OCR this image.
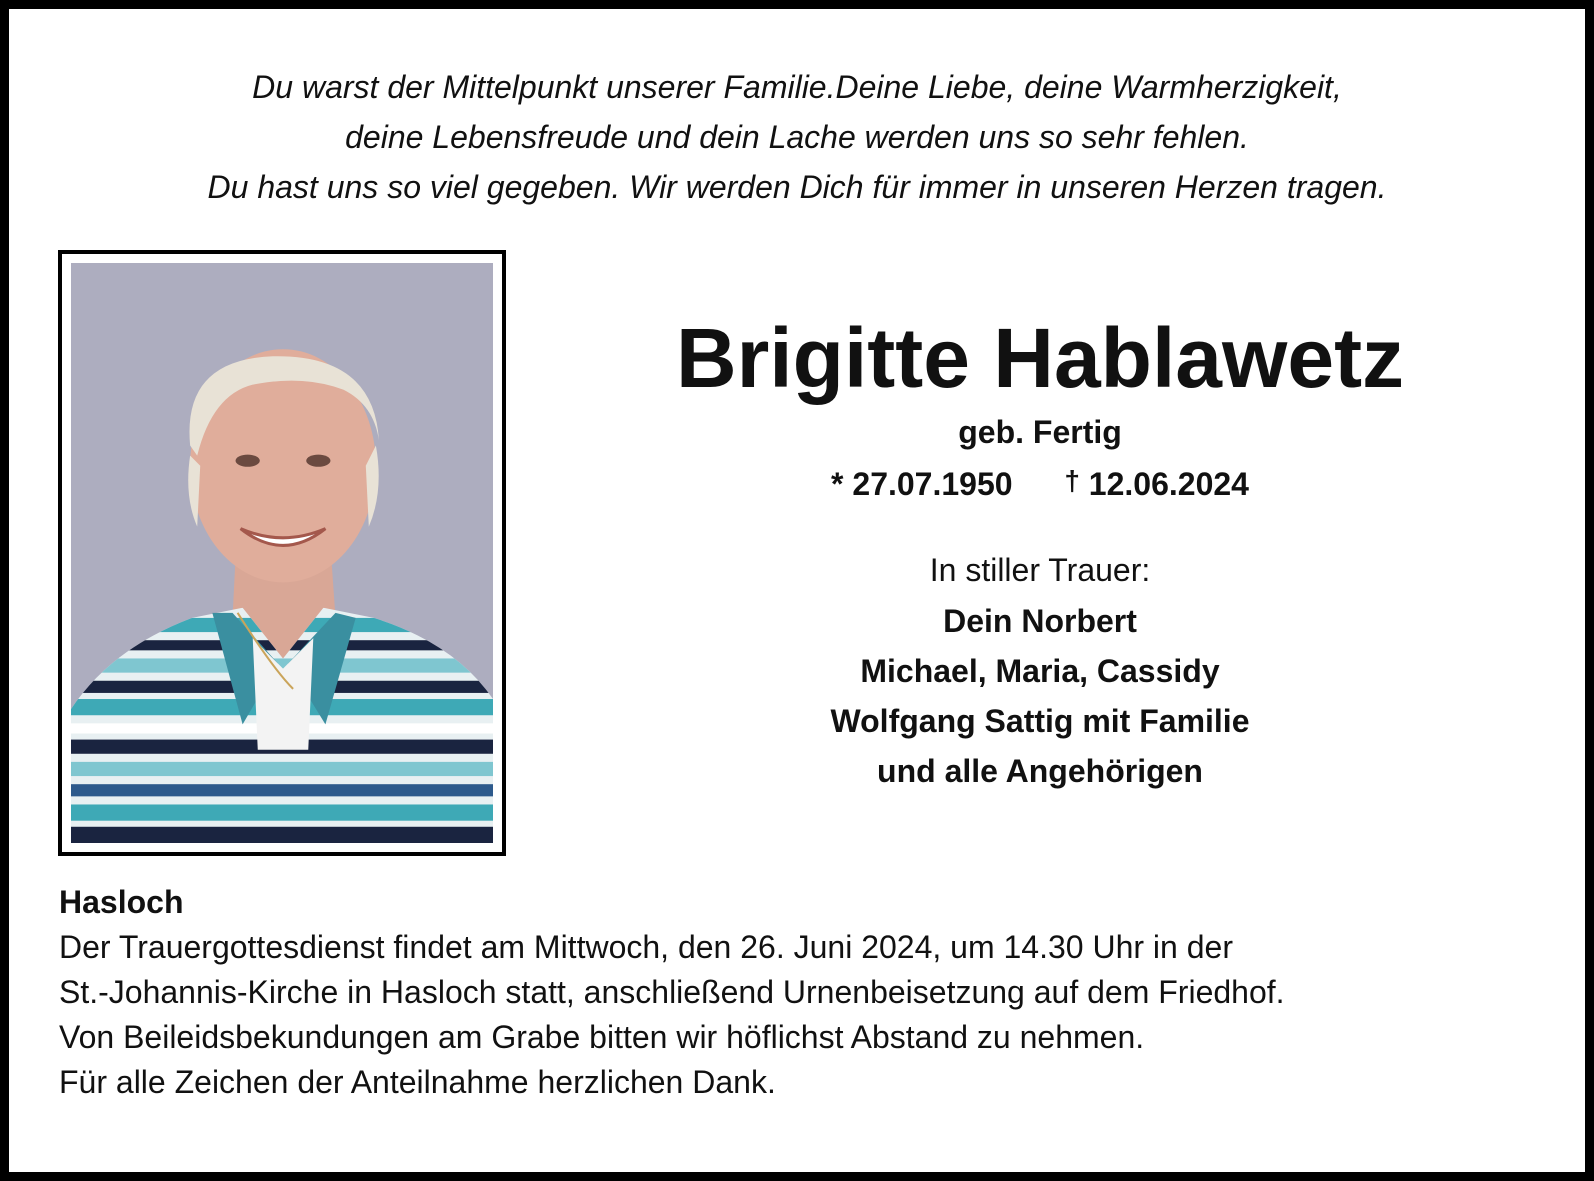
Du warst der Mittelpunkt unserer Familie.Deine Liebe, deine Warmherzigkeit,
deine Lebensfreude und dein Lache werden uns so sehr fehlen.
Du hast uns so viel gegeben. Wir werden Dich für immer in unseren Herzen tragen.
Brigitte Hablawetz
geb. Fertig
* 27.07.1950 † 12.06.2024
In stiller Trauer:
Dein Norbert
Michael, Maria, Cassidy
Wolfgang Sattig mit Familie
und alle Angehörigen
Hasloch
Der Trauergottesdienst findet am Mittwoch, den 26. Juni 2024, um 14.30 Uhr in der
St.-Johannis-Kirche in Hasloch statt, anschließend Urnenbeisetzung auf dem Friedhof.
Von Beileidsbekundungen am Grabe bitten wir höflichst Abstand zu nehmen.
Für alle Zeichen der Anteilnahme herzlichen Dank.
